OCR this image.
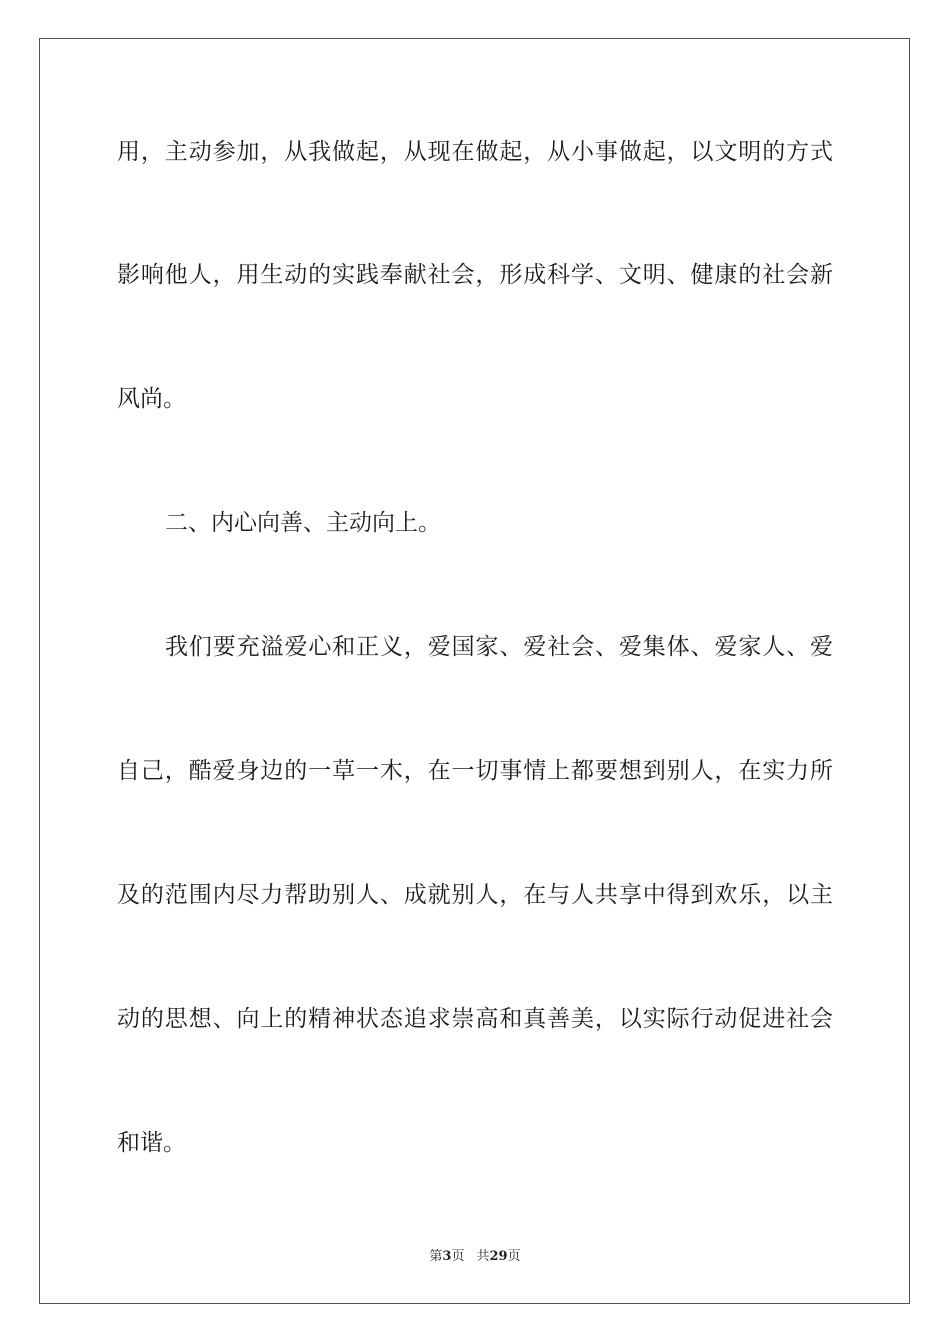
用，主动参加，从我做起，从现在做起，从小事做起，以文明的方式
影响他人，用生动的实践奉献社会，形成科学、文明、健康的社会新
风尚。
二、内心向善、主动向上。
我们要充溢爱心和正义，爱国家、爱社会、爱集体、爱家人、爱
自己，酷爱身边的一草一木，在一切事情上都要想到别人，在实力所
及的范围内尽力帮助别人、成就别人，在与人共享中得到欢乐，以主
动的思想、向上的精神状态追求崇高和真善美，以实际行动促进社会
和谐。
第3页 共29页
